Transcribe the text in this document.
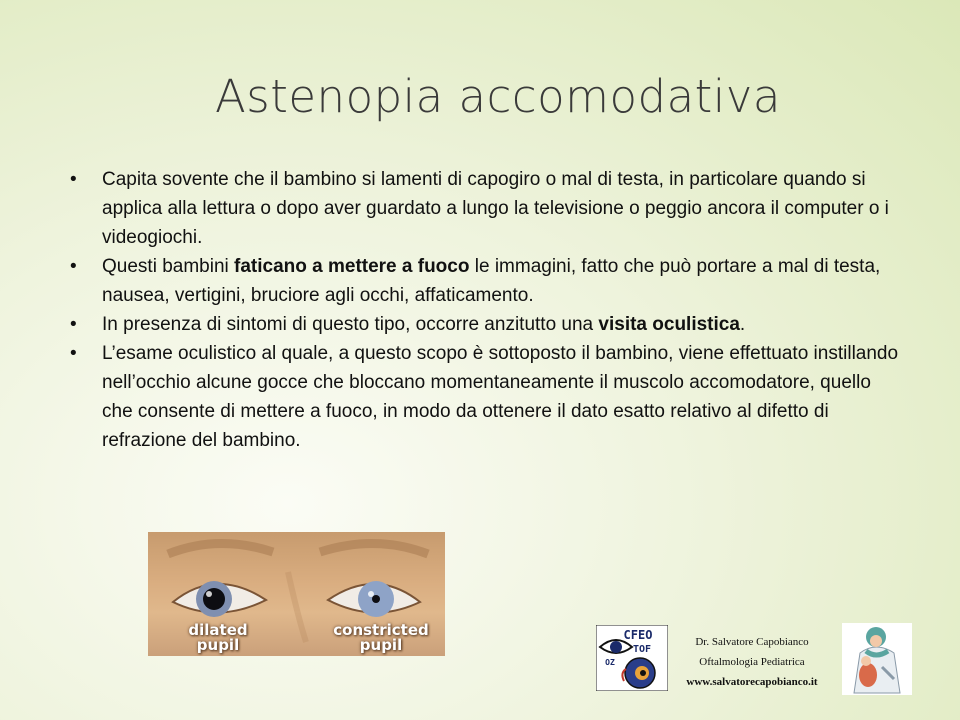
Astenopia accomodativa
• Capita sovente che il bambino si lamenti di capogiro o mal di testa, in particolare quando si applica alla lettura o dopo aver guardato a lungo la televisione o peggio ancora il computer o i videogiochi.
• Questi bambini faticano a mettere a fuoco le immagini, fatto che può portare a mal di testa, nausea, vertigini, bruciore agli occhi, affaticamento.
• In presenza di sintomi di questo tipo, occorre anzitutto una visita oculistica.
• L’esame oculistico al quale, a questo scopo è sottoposto il bambino, viene effettuato instillando nell’occhio alcune gocce che bloccano momentaneamente il muscolo accomodatore, quello che consente di mettere a fuoco, in modo da ottenere il dato esatto relativo al difetto di refrazione del bambino.
dilated
pupil
constricted
pupil
CFEO
TOF
OZ
Dr. Salvatore Capobianco
Oftalmologia Pediatrica
www.salvatorecapobianco.it
